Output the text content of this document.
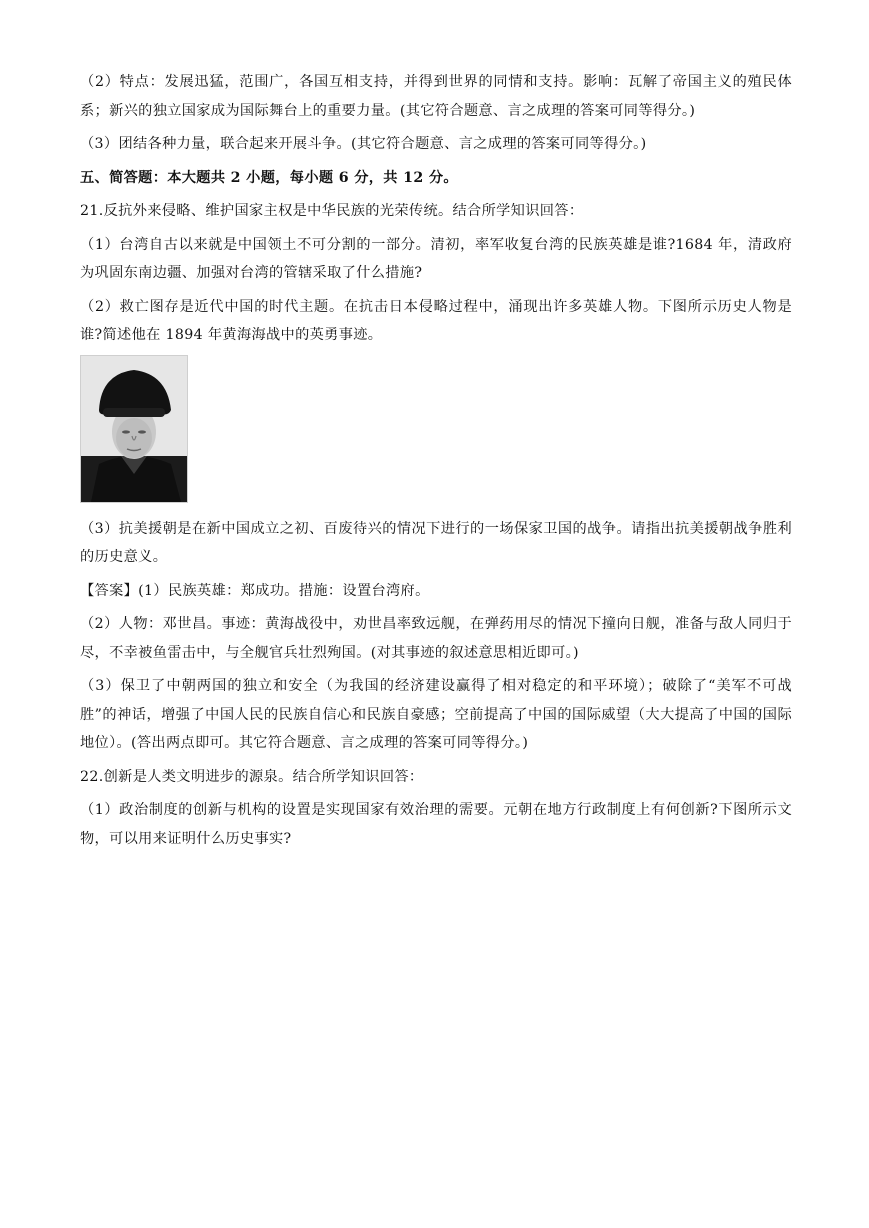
（2）特点：发展迅猛，范围广，各国互相支持，并得到世界的同情和支持。影响：瓦解了帝国主义的殖民体系；新兴的独立国家成为国际舞台上的重要力量。(其它符合题意、言之成理的答案可同等得分。)

（3）团结各种力量，联合起来开展斗争。(其它符合题意、言之成理的答案可同等得分。)

五、简答题：本大题共 2 小题，每小题 6 分，共 12 分。

21.反抗外来侵略、维护国家主权是中华民族的光荣传统。结合所学知识回答：

（1）台湾自古以来就是中国领土不可分割的一部分。清初，率军收复台湾的民族英雄是谁?1684 年，清政府为巩固东南边疆、加强对台湾的管辖采取了什么措施?

（2）救亡图存是近代中国的时代主题。在抗击日本侵略过程中，涌现出许多英雄人物。下图所示历史人物是谁?简述他在 1894 年黄海海战中的英勇事迹。

（3）抗美援朝是在新中国成立之初、百废待兴的情况下进行的一场保家卫国的战争。请指出抗美援朝战争胜利的历史意义。

【答案】(1）民族英雄：郑成功。措施：设置台湾府。

（2）人物：邓世昌。事迹：黄海战役中，劝世昌率致远舰，在弹药用尽的情况下撞向日舰，准备与敌人同归于尽，不幸被鱼雷击中，与全舰官兵壮烈殉国。(对其事迹的叙述意思相近即可。)

（3）保卫了中朝两国的独立和安全（为我国的经济建设赢得了相对稳定的和平环境）；破除了“美军不可战胜”的神话，增强了中国人民的民族自信心和民族自豪感；空前提高了中国的国际威望（大大提高了中国的国际地位）。(答出两点即可。其它符合题意、言之成理的答案可同等得分。)

22.创新是人类文明进步的源泉。结合所学知识回答：

（1）政治制度的创新与机构的设置是实现国家有效治理的需要。元朝在地方行政制度上有何创新?下图所示文物，可以用来证明什么历史事实?
